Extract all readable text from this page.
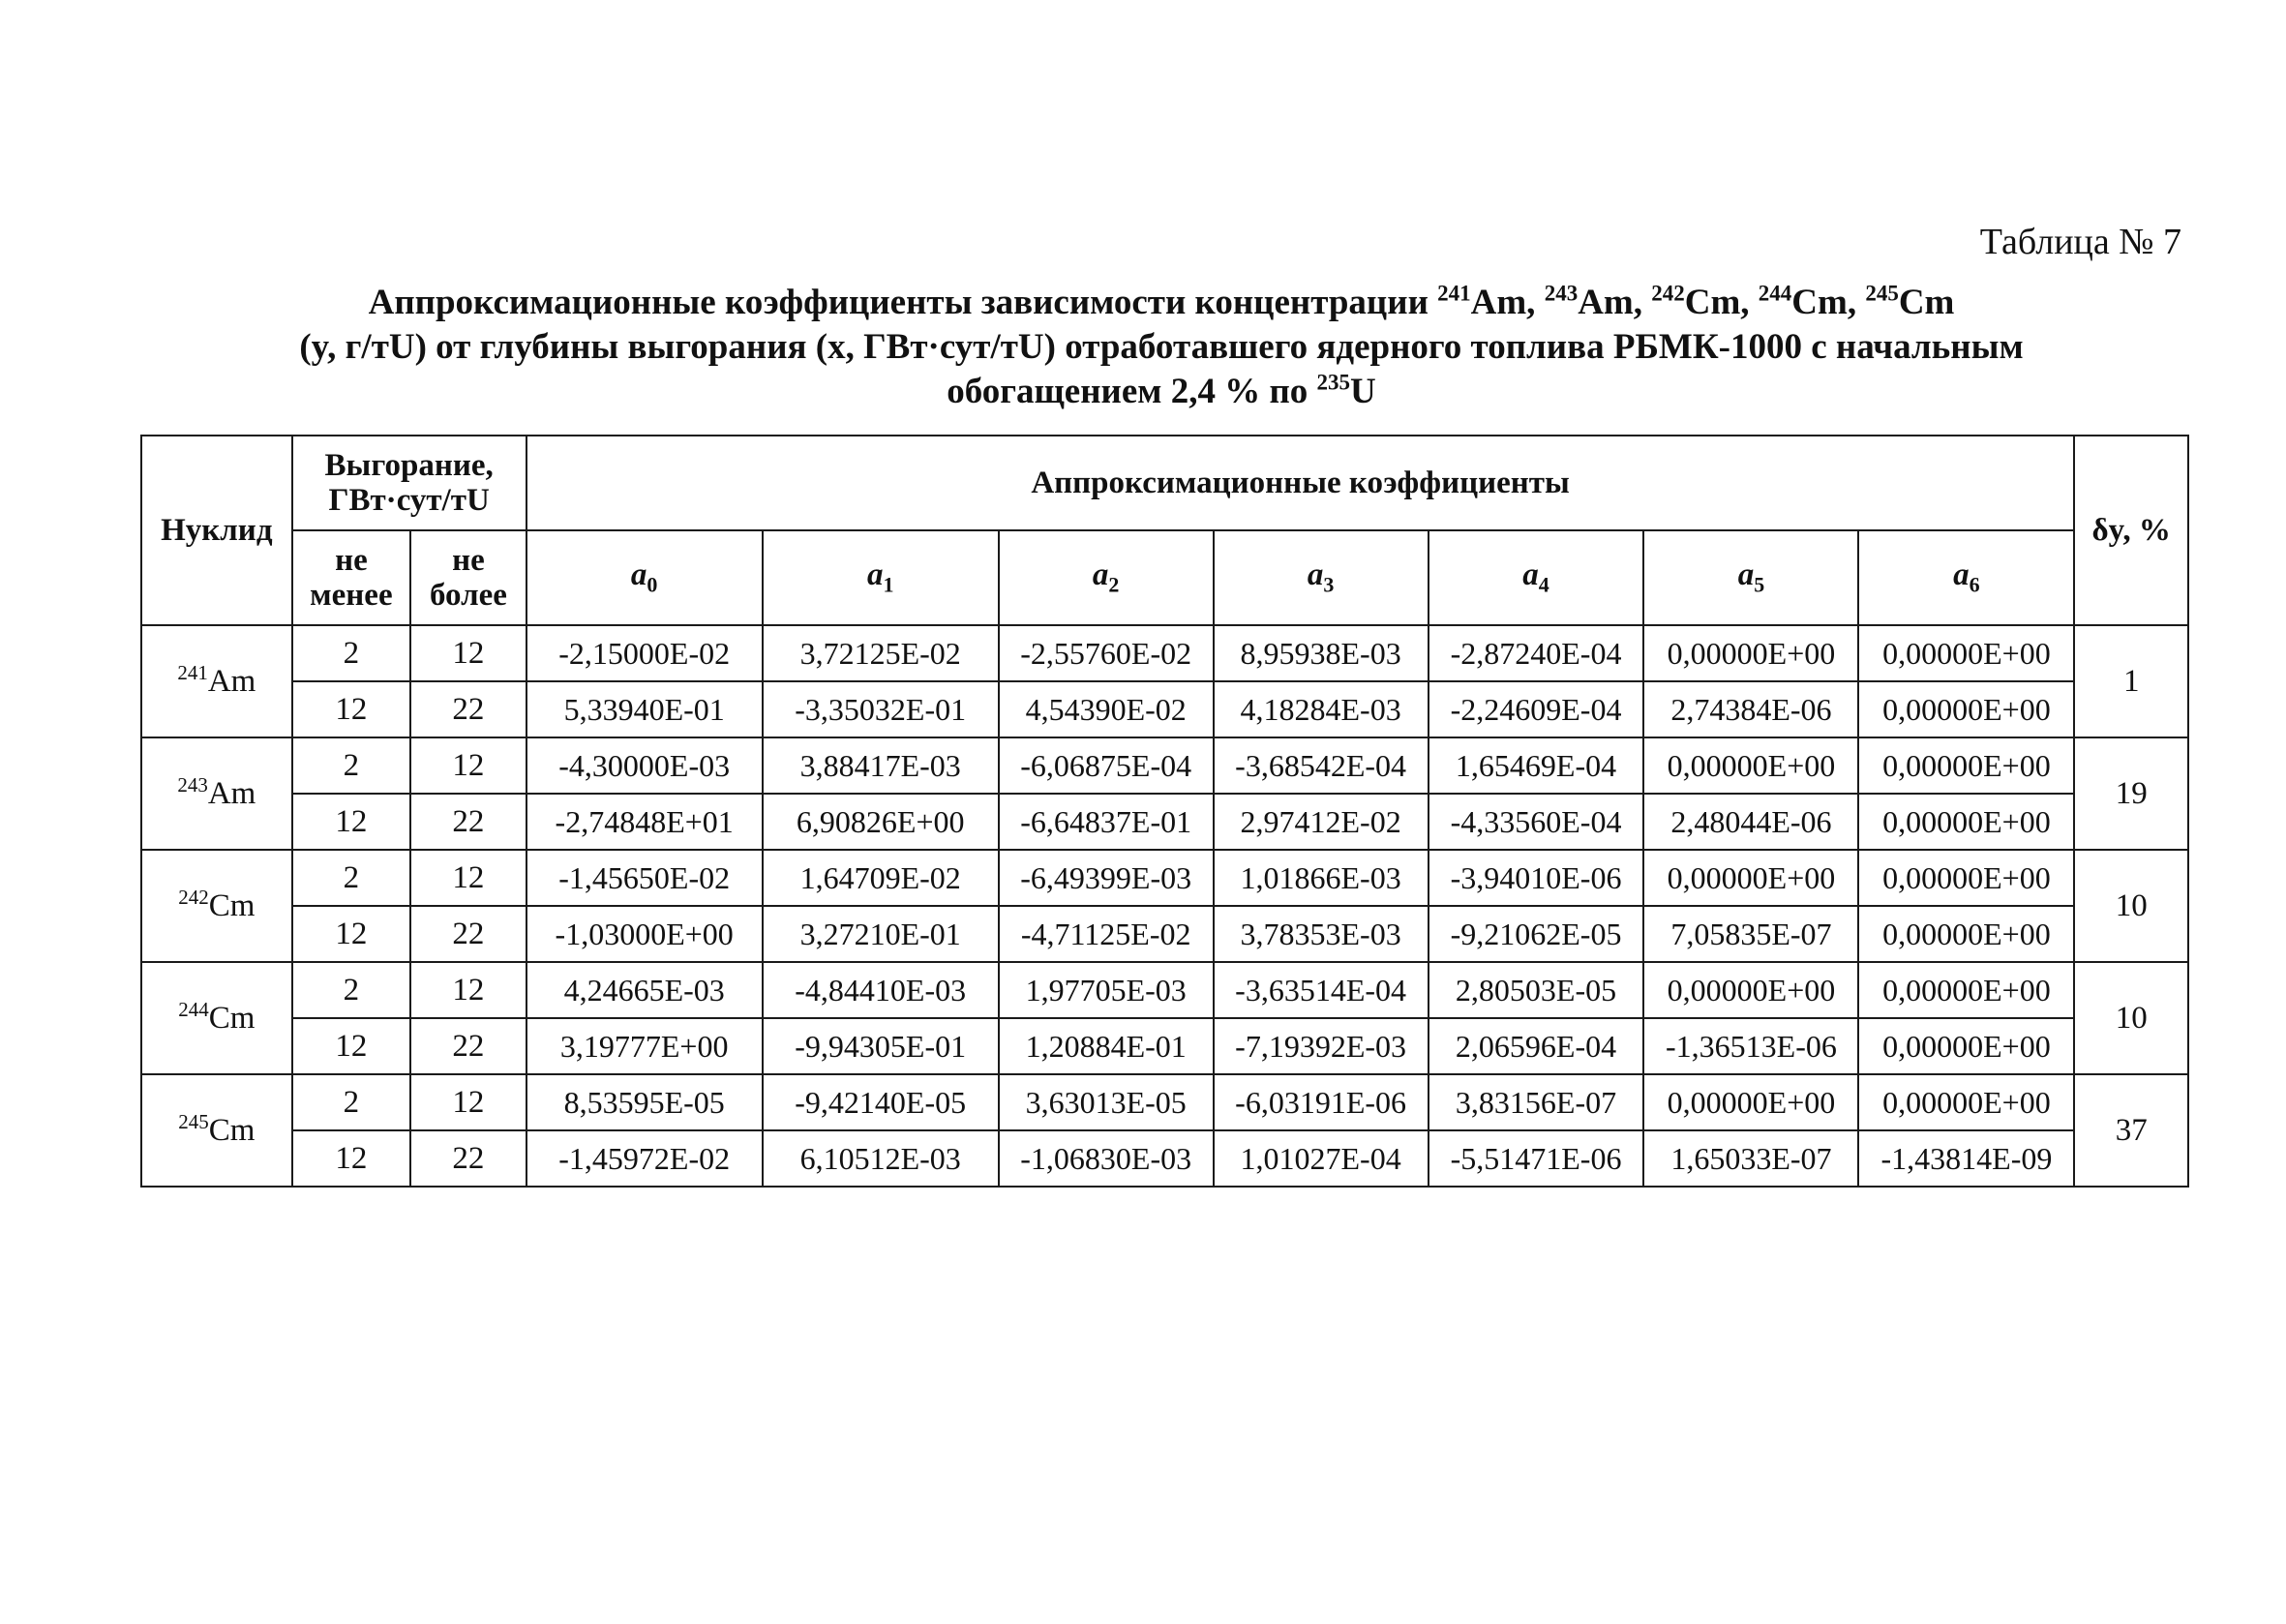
Таблица № 7
Аппроксимационные коэффициенты зависимости концентрации $^{241}$Am, $^{243}$Am, $^{242}$Cm, $^{244}$Cm, $^{245}$Cm
(y, г/тU) от глубины выгорания (x, ГВт·сут/тU) отработавшего ядерного топлива РБМК-1000 с начальным
обогащением 2,4 % по $^{235}$U
Нуклид	Выгорание, ГВт·сут/тU		Аппроксимационные коэффициенты							δy, %
	не менее	не более	$a_0$	$a_1$	$a_2$	$a_3$	$a_4$	$a_5$	$a_6$
$^{241}$Am	2	12	-2,15000E-02	3,72125E-02	-2,55760E-02	8,95938E-03	-2,87240E-04	0,00000E+00	0,00000E+00	1
	12	22	5,33940E-01	-3,35032E-01	4,54390E-02	4,18284E-03	-2,24609E-04	2,74384E-06	0,00000E+00	
$^{243}$Am	2	12	-4,30000E-03	3,88417E-03	-6,06875E-04	-3,68542E-04	1,65469E-04	0,00000E+00	0,00000E+00	19
	12	22	-2,74848E+01	6,90826E+00	-6,64837E-01	2,97412E-02	-4,33560E-04	2,48044E-06	0,00000E+00	
$^{242}$Cm	2	12	-1,45650E-02	1,64709E-02	-6,49399E-03	1,01866E-03	-3,94010E-06	0,00000E+00	0,00000E+00	10
	12	22	-1,03000E+00	3,27210E-01	-4,71125E-02	3,78353E-03	-9,21062E-05	7,05835E-07	0,00000E+00	
$^{244}$Cm	2	12	4,24665E-03	-4,84410E-03	1,97705E-03	-3,63514E-04	2,80503E-05	0,00000E+00	0,00000E+00	10
	12	22	3,19777E+00	-9,94305E-01	1,20884E-01	-7,19392E-03	2,06596E-04	-1,36513E-06	0,00000E+00	
$^{245}$Cm	2	12	8,53595E-05	-9,42140E-05	3,63013E-05	-6,03191E-06	3,83156E-07	0,00000E+00	0,00000E+00	37
	12	22	-1,45972E-02	6,10512E-03	-1,06830E-03	1,01027E-04	-5,51471E-06	1,65033E-07	-1,43814E-09	
